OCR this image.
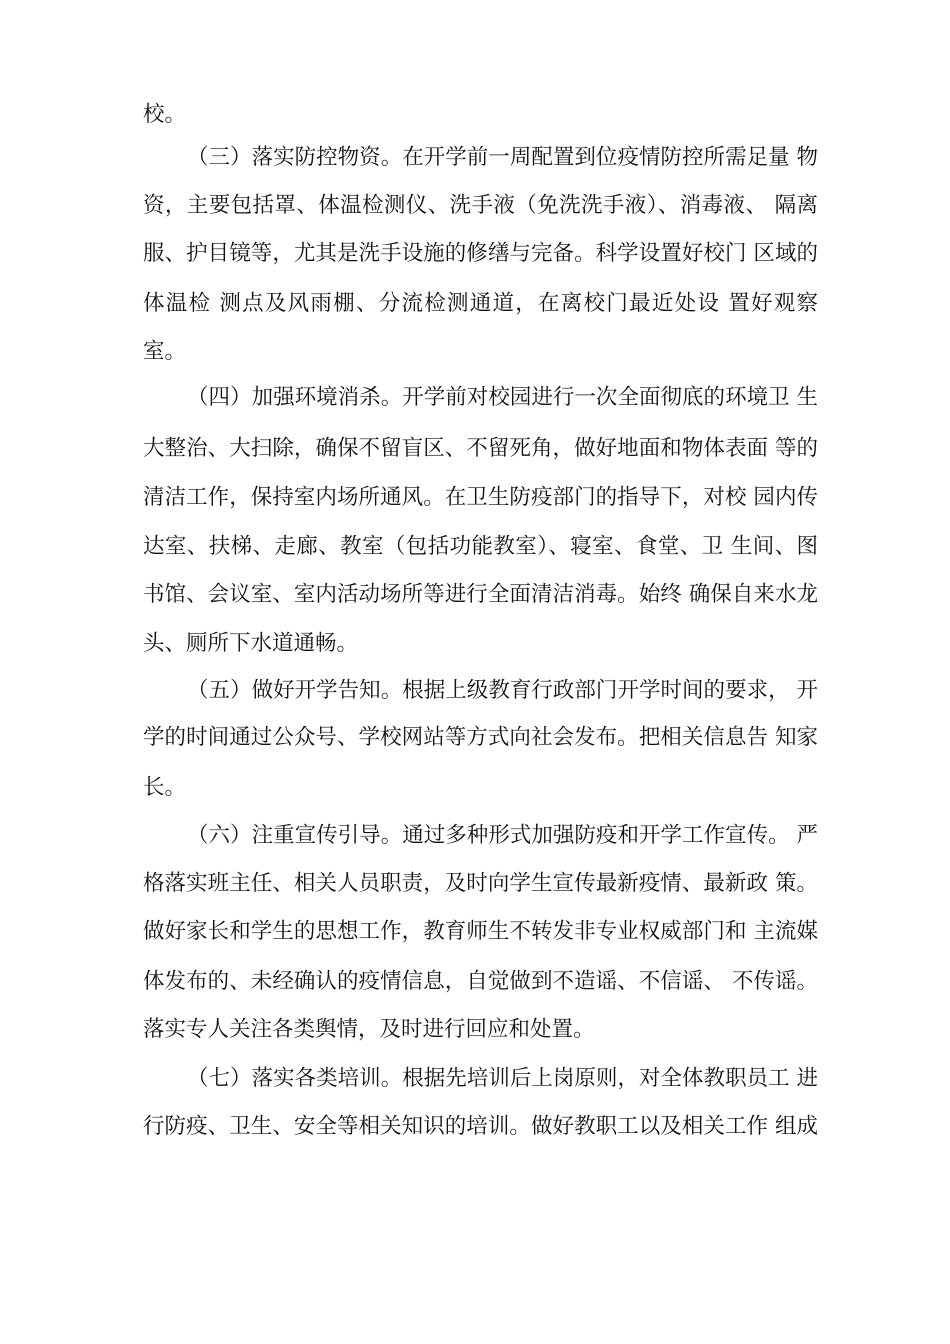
校。
（三）落实防控物资。在开学前一周配置到位疫情防控所需足量 物
资，主要包括罩、体温检测仪、洗手液（免洗洗手液）、消毒液、 隔离
服、护目镜等，尤其是洗手设施的修缮与完备。科学设置好校门 区域的
体温检 测点及风雨棚、分流检测通道，在离校门最近处设 置好观察
室。
（四）加强环境消杀。开学前对校园进行一次全面彻底的环境卫 生
大整治、大扫除，确保不留盲区、不留死角，做好地面和物体表面 等的
清洁工作，保持室内场所通风。在卫生防疫部门的指导下，对校 园内传
达室、扶梯、走廊、教室（包括功能教室）、寝室、食堂、卫 生间、图
书馆、会议室、室内活动场所等进行全面清洁消毒。始终 确保自来水龙
头、厕所下水道通畅。
（五）做好开学告知。根据上级教育行政部门开学时间的要求， 开
学的时间通过公众号、学校网站等方式向社会发布。把相关信息告 知家
长。
（六）注重宣传引导。通过多种形式加强防疫和开学工作宣传。 严
格落实班主任、相关人员职责，及时向学生宣传最新疫情、最新政 策。
做好家长和学生的思想工作，教育师生不转发非专业权威部门和 主流媒
体发布的、未经确认的疫情信息，自觉做到不造谣、不信谣、 不传谣。
落实专人关注各类舆情，及时进行回应和处置。
（七）落实各类培训。根据先培训后上岗原则，对全体教职员工 进
行防疫、卫生、安全等相关知识的培训。做好教职工以及相关工作 组成
